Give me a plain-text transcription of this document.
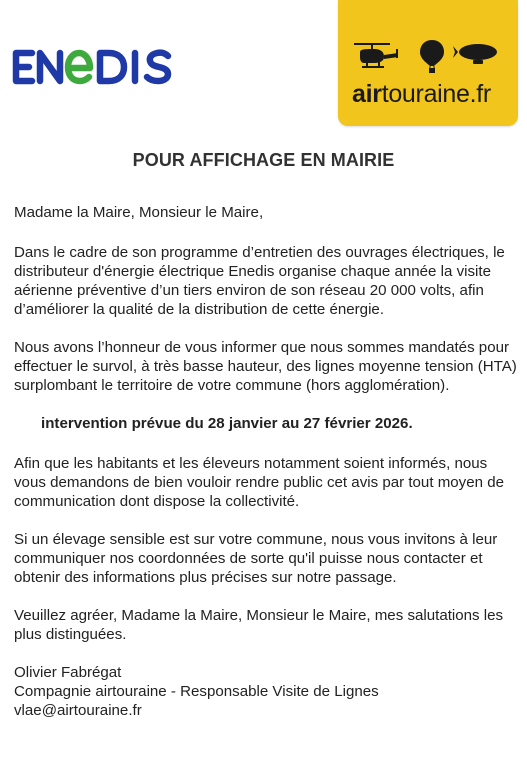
airtouraine.fr
POUR AFFICHAGE EN MAIRIE

Madame la Maire, Monsieur le Maire,

Dans le cadre de son programme d’entretien des ouvrages électriques, le distributeur d'énergie électrique Enedis organise chaque année la visite aérienne préventive d’un tiers environ de son réseau 20 000 volts, afin d’améliorer la qualité de la distribution de cette énergie.

Nous avons l’honneur de vous informer que nous sommes mandatés pour effectuer le survol, à très basse hauteur, des lignes moyenne tension (HTA) surplombant le territoire de votre commune (hors agglomération).

intervention prévue du 28 janvier au 27 février 2026.

Afin que les habitants et les éleveurs notamment soient informés, nous vous demandons de bien vouloir rendre public cet avis par tout moyen de communication dont dispose la collectivité.

Si un élevage sensible est sur votre commune, nous vous invitons à leur communiquer nos coordonnées de sorte qu'il puisse nous contacter et obtenir des informations plus précises sur notre passage.

Veuillez agréer, Madame la Maire, Monsieur le Maire, mes salutations les plus distinguées.

Olivier Fabrégat
Compagnie airtouraine - Responsable Visite de Lignes
vlae@airtouraine.fr
